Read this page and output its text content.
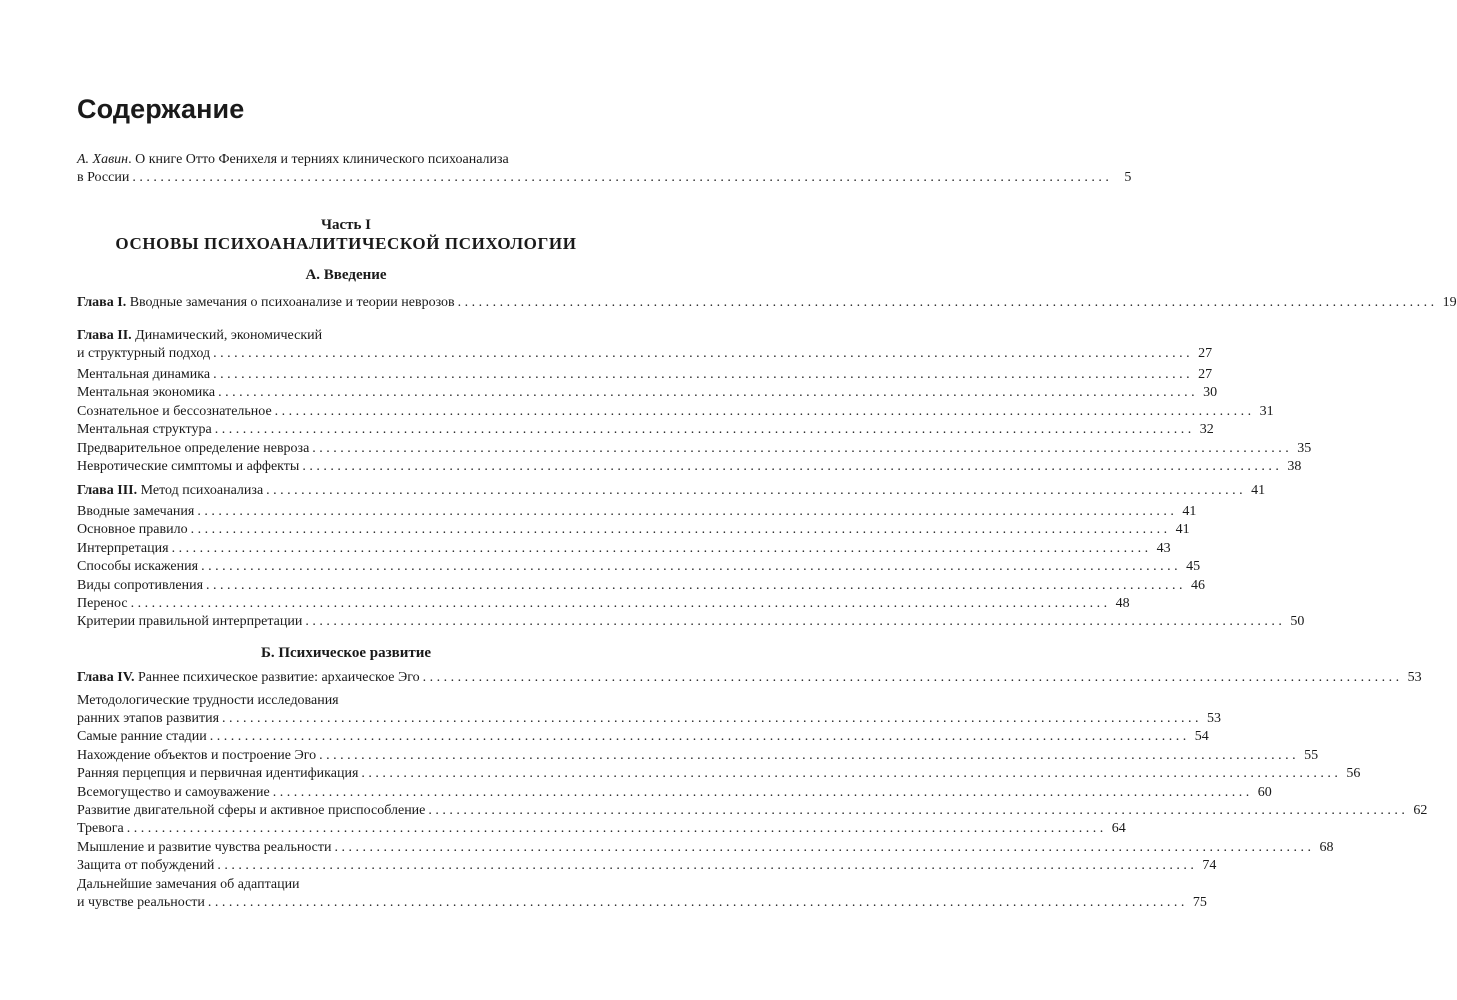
Содержание
А. Хавин. О книге Отто Фенихеля и терниях клинического психоанализа
в России ............................................................................................................................................ 5
Часть I
ОСНОВЫ ПСИХОАНАЛИТИЧЕСКОЙ ПСИХОЛОГИИ
А. Введение
Глава I. Вводные замечания о психоанализе и теории неврозов ............................................................................................................................................ 19
Глава II. Динамический, экономический
и структурный подход ............................................................................................................................................ 27
Ментальная динамика ............................................................................................................................................ 27
Ментальная экономика ............................................................................................................................................ 30
Сознательное и бессознательное ............................................................................................................................................ 31
Ментальная структура ............................................................................................................................................ 32
Предварительное определение невроза ............................................................................................................................................ 35
Невротические симптомы и аффекты ............................................................................................................................................ 38
Глава III. Метод психоанализа ............................................................................................................................................ 41
Вводные замечания ............................................................................................................................................ 41
Основное правило ............................................................................................................................................ 41
Интерпретация ............................................................................................................................................ 43
Способы искажения ............................................................................................................................................ 45
Виды сопротивления ............................................................................................................................................ 46
Перенос ............................................................................................................................................ 48
Критерии правильной интерпретации ............................................................................................................................................ 50
Б. Психическое развитие
Глава IV. Раннее психическое развитие: архаическое Эго ............................................................................................................................................ 53
Методологические трудности исследования
ранних этапов развития ............................................................................................................................................ 53
Самые ранние стадии ............................................................................................................................................ 54
Нахождение объектов и построение Эго ............................................................................................................................................ 55
Ранняя перцепция и первичная идентификация ............................................................................................................................................ 56
Всемогущество и самоуважение ............................................................................................................................................ 60
Развитие двигательной сферы и активное приспособление ............................................................................................................................................ 62
Тревога ............................................................................................................................................ 64
Мышление и развитие чувства реальности ............................................................................................................................................ 68
Защита от побуждений ............................................................................................................................................ 74
Дальнейшие замечания об адаптации
и чувстве реальности ............................................................................................................................................ 75
